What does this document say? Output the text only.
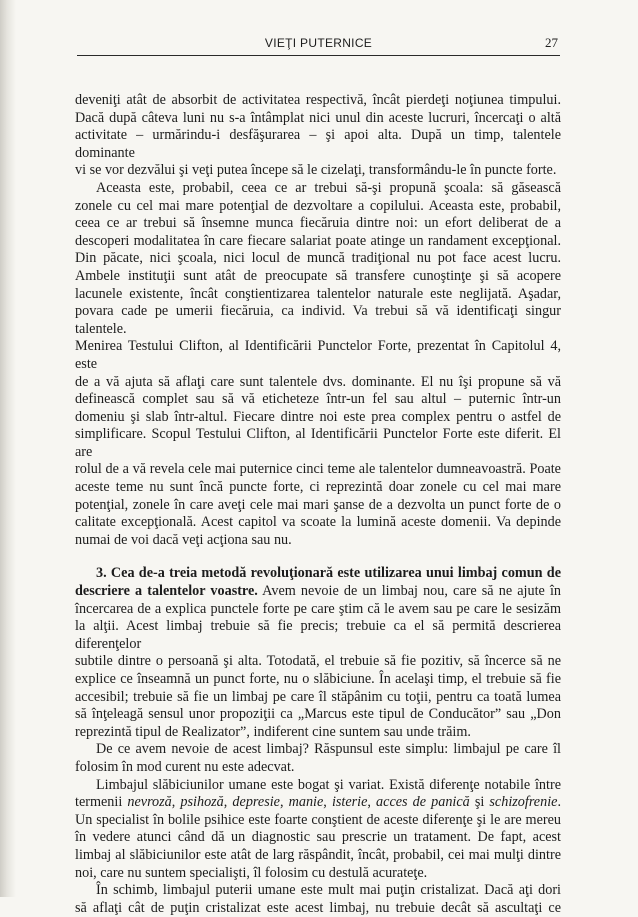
VIEŢI PUTERNICE	27

deveniţi atât de absorbit de activitatea respectivă, încât pierdeţi noţiunea timpului.

Dacă după câteva luni nu s-a întâmplat nici unul din aceste lucruri, încercaţi o altă

activitate – urmărindu-i desfăşurarea – şi apoi alta. După un timp, talentele dominante

vi se vor dezvălui şi veţi putea începe să le cizelaţi, transformându-le în puncte forte.

Aceasta este, probabil, ceea ce ar trebui să-şi propună şcoala: să găsească

zonele cu cel mai mare potenţial de dezvoltare a copilului. Aceasta este, probabil,

ceea ce ar trebui să însemne munca fiecăruia dintre noi: un efort deliberat de a

descoperi modalitatea în care fiecare salariat poate atinge un randament excepţional.

Din păcate, nici şcoala, nici locul de muncă tradiţional nu pot face acest lucru.

Ambele instituţii sunt atât de preocupate să transfere cunoştinţe şi să acopere

lacunele existente, încât conştientizarea talentelor naturale este neglijată. Aşadar,

povara cade pe umerii fiecăruia, ca individ. Va trebui să vă identificaţi singur talentele.

Menirea Testului Clifton, al Identificării Punctelor Forte, prezentat în Capitolul 4, este

de a vă ajuta să aflaţi care sunt talentele dvs. dominante. El nu îşi propune să vă

definească complet sau să vă eticheteze într-un fel sau altul – puternic într-un

domeniu şi slab într-altul. Fiecare dintre noi este prea complex pentru o astfel de

simplificare. Scopul Testului Clifton, al Identificării Punctelor Forte este diferit. El are

rolul de a vă revela cele mai puternice cinci teme ale talentelor dumneavoastră. Poate

aceste teme nu sunt încă puncte forte, ci reprezintă doar zonele cu cel mai mare

potenţial, zonele în care aveţi cele mai mari şanse de a dezvolta un punct forte de o

calitate excepţională. Acest capitol va scoate la lumină aceste domenii. Va depinde

numai de voi dacă veţi acţiona sau nu.

3. Cea de-a treia metodă revoluţionară este utilizarea unui limbaj comun de

descriere a talentelor voastre. Avem nevoie de un limbaj nou, care să ne ajute în

încercarea de a explica punctele forte pe care ştim că le avem sau pe care le sesizăm

la alţii. Acest limbaj trebuie să fie precis; trebuie ca el să permită descrierea diferenţelor

subtile dintre o persoană şi alta. Totodată, el trebuie să fie pozitiv, să încerce să ne

explice ce înseamnă un punct forte, nu o slăbiciune. În acelaşi timp, el trebuie să fie

accesibil; trebuie să fie un limbaj pe care îl stăpânim cu toţii, pentru ca toată lumea

să înţeleagă sensul unor propoziţii ca „Marcus este tipul de Conducător” sau „Don

reprezintă tipul de Realizator”, indiferent cine suntem sau unde trăim.

De ce avem nevoie de acest limbaj? Răspunsul este simplu: limbajul pe care îl

folosim în mod curent nu este adecvat.

Limbajul slăbiciunilor umane este bogat şi variat. Există diferenţe notabile între

termenii nevroză, psihoză, depresie, manie, isterie, acces de panică şi schizofrenie.

Un specialist în bolile psihice este foarte conştient de aceste diferenţe şi le are mereu

în vedere atunci când dă un diagnostic sau prescrie un tratament. De fapt, acest

limbaj al slăbiciunilor este atât de larg răspândit, încât, probabil, cei mai mulţi dintre

noi, care nu suntem specialişti, îl folosim cu destulă acurateţe.

În schimb, limbajul puterii umane este mult mai puţin cristalizat. Dacă aţi dori

să aflaţi cât de puţin cristalizat este acest limbaj, nu trebuie decât să ascultaţi ce
